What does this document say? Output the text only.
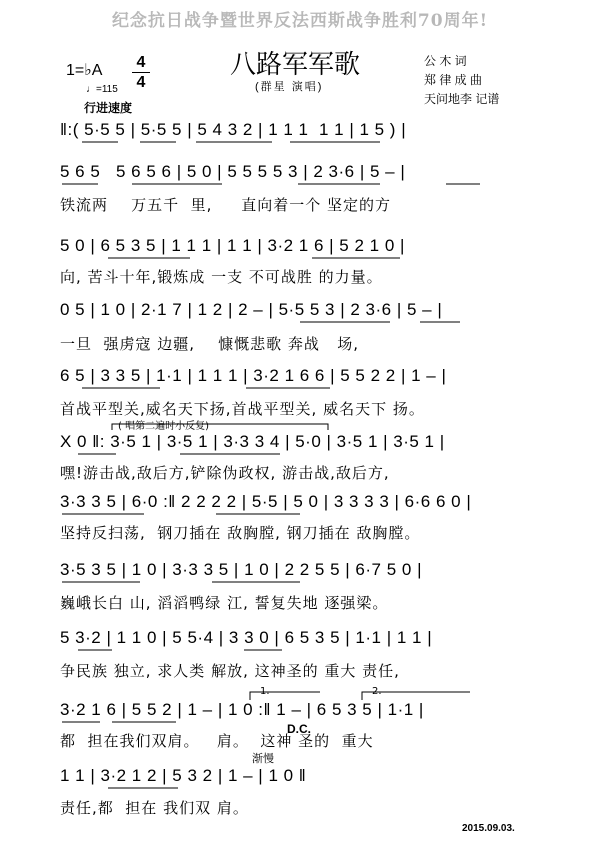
纪念抗日战争暨世界反法西斯战争胜利70周年!
1=♭A 4
4
♩=115
行进速度
八路军军歌
(群星 演唱)
公 木 词
郑 律 成 曲
天问地李 记谱
‖:( 5·5 5 | 5·5 5 | 5 4 3 2 | 1 1 1  1 1 | 1 5 ) |
5 6 5   5 6 5 6 | 5 0 | 5 5 5 5 3 | 2 3·6 | 5 – |
铁流两    万五千  里,     直向着一个 坚定的方
5 0 | 6 5 3 5 | 1 1 1 | 1 1 | 3·2 1 6 | 5 2 1 0 |
向, 苦斗十年,锻炼成 一支 不可战胜 的力量。
0 5 | 1 0 | 2·1 7 | 1 2 | 2 – | 5·5 5 3 | 2 3·6 | 5 – |
一旦  强虏寇 边疆,    慷慨悲歌 奔战   场,
6 5 | 3 3 5 | 1·1 | 1 1 1 | 3·2 1 6 6 | 5 5 2 2 | 1 – |
首战平型关,威名天下扬,首战平型关, 威名天下 扬。
( 唱第二遍时小反复)
X 0 ‖: 3·5 1 | 3·5 1 | 3·3 3 4 | 5·0 | 3·5 1 | 3·5 1 |
嘿!游击战,敌后方,铲除伪政权, 游击战,敌后方,
3·3 3 5 | 6·0 :‖ 2 2 2 2 | 5·5 | 5 0 | 3 3 3 3 | 6·6 6 0 |
坚持反扫荡,  钢刀插在 敌胸膛, 钢刀插在 敌胸膛。
3·5 3 5 | 1 0 | 3·3 3 5 | 1 0 | 2 2 5 5 | 6·7 5 0 |
巍峨长白 山, 滔滔鸭绿 江, 誓复失地 逐强梁。
5 3·2 | 1 1 0 | 5 5·4 | 3 3 0 | 6 5 3 5 | 1·1 | 1 1 |
争民族 独立, 求人类 解放, 这神圣的 重大 责任,
1.	2.
3·2 1 6 | 5 5 2 | 1 – | 1 0 :‖ 1 – | 6 5 3 5 | 1·1 |
D.C.
都  担在我们双肩。   肩。  这神 圣的  重大
渐慢
1 1 | 3·2 1 2 | 5 3 2 | 1 – | 1 0 ‖
责任,都  担在 我们双 肩。
2015.09.03.
